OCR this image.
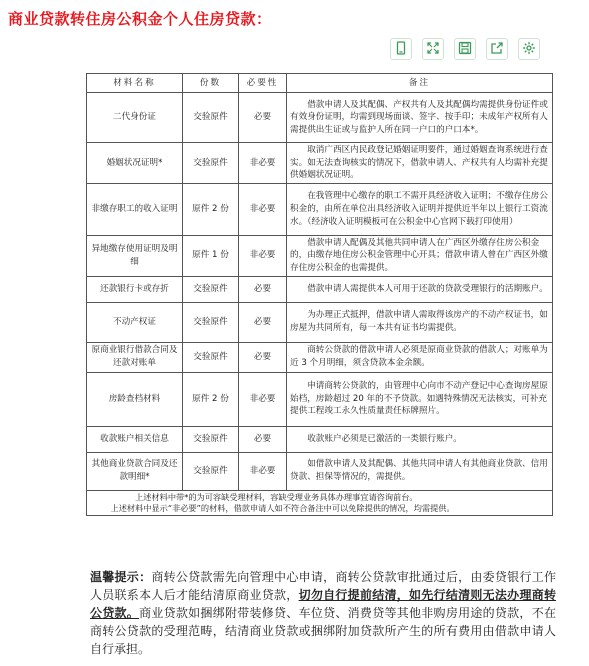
商业贷款转住房公积金个人住房贷款：
材料名称	份数	必要性	备注
二代身份证	交验原件	必要	借款申请人及其配偶、产权共有人及其配偶均需提供身份证件或有效身份证明，均需到现场面谈、签字、按手印；未成年产权所有人需提供出生证或与监护人所在同一户口的户口本*。
婚姻状况证明*	交验原件	非必要	取消广西区内民政登记婚姻证明要件，通过婚姻查询系统进行查实。如无法查询核实的情况下，借款申请人、产权共有人均需补充提供婚姻状况证明。
非缴存职工的收入证明	原件 2 份	非必要	在我管理中心缴存的职工不需开具经济收入证明；不缴存住房公积金的，由所在单位出具经济收入证明并提供近半年以上银行工资流水。（经济收入证明模板可在公积金中心官网下载打印使用）
异地缴存使用证明及明细	原件 1 份	非必要	借款申请人配偶及其他共同申请人在广西区外缴存住房公积金的，由缴存地住房公积金管理中心开具；借款申请人曾在广西区外缴存住房公积金的也需提供。
还款银行卡或存折	交验原件	必要	借款申请人需提供本人可用于还款的贷款受理银行的活期账户。
不动产权证	交验原件	必要	为办理正式抵押，借款申请人需取得该房产的不动产权证书，如房屋为共同所有，每一本共有证书均需提供。
原商业银行借款合同及还款对账单	交验原件	必要	商转公贷款的借款申请人必须是原商业贷款的借款人；对账单为近 3 个月明细，须含贷款本金余额。
房龄查档材料	原件 2 份	非必要	申请商转公贷款的，由管理中心向市不动产登记中心查询房屋原始档，房龄超过 20 年的不予贷款。如遇特殊情况无法核实，可补充提供工程竣工永久性质量责任标牌照片。
收款账户相关信息	交验原件	必要	收款账户必须是已激活的一类银行账户。
其他商业贷款合同及还款明细*	交验原件	非必要	如借款申请人及其配偶、其他共同申请人有其他商业贷款、信用贷款、担保等情况的，需提供。

上述材料中带*的为可容缺受理材料，容缺受理业务具体办理事宜请咨询前台。
上述材料中显示“非必要”的材料，借款申请人如不符合备注中可以免除提供的情况，均需提供。			
温馨提示：商转公贷款需先向管理中心申请，商转公贷款审批通过后，由委贷银行工作人员联系本人后才能结清原商业贷款，切勿自行提前结清，如先行结清则无法办理商转公贷款。商业贷款如捆绑附带装修贷、车位贷、消费贷等其他非购房用途的贷款，不在商转公贷款的受理范畴，结清商业贷款或捆绑附加贷款所产生的所有费用由借款申请人自行承担。
